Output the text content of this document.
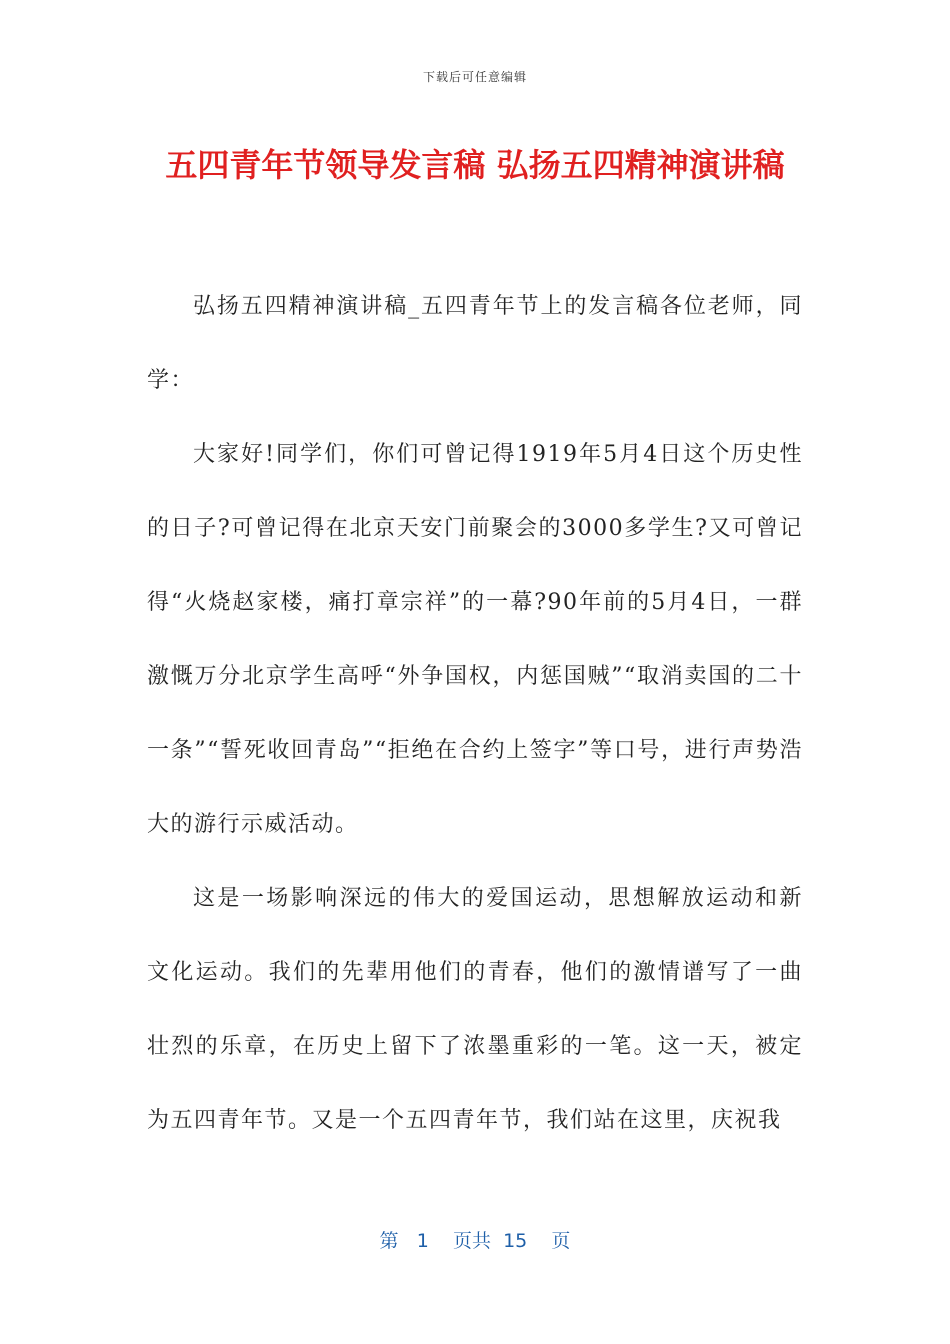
下载后可任意编辑
五四青年节领导发言稿 弘扬五四精神演讲稿

弘扬五四精神演讲稿_五四青年节上的发言稿各位老师，同学：

大家好!同学们，你们可曾记得1919年5月4日这个历史性的日子?可曾记得在北京天安门前聚会的3000多学生?又可曾记得“火烧赵家楼，痛打章宗祥”的一幕?90年前的5月4日，一群激慨万分北京学生高呼“外争国权，内惩国贼”“取消卖国的二十一条”“誓死收回青岛”“拒绝在合约上签字”等口号，进行声势浩大的游行示威活动。

这是一场影响深远的伟大的爱国运动，思想解放运动和新文化运动。我们的先辈用他们的青春，他们的激情谱写了一曲壮烈的乐章，在历史上留下了浓墨重彩的一笔。这一天，被定为五四青年节。又是一个五四青年节，我们站在这里，庆祝我

第 1 页共 15 页
